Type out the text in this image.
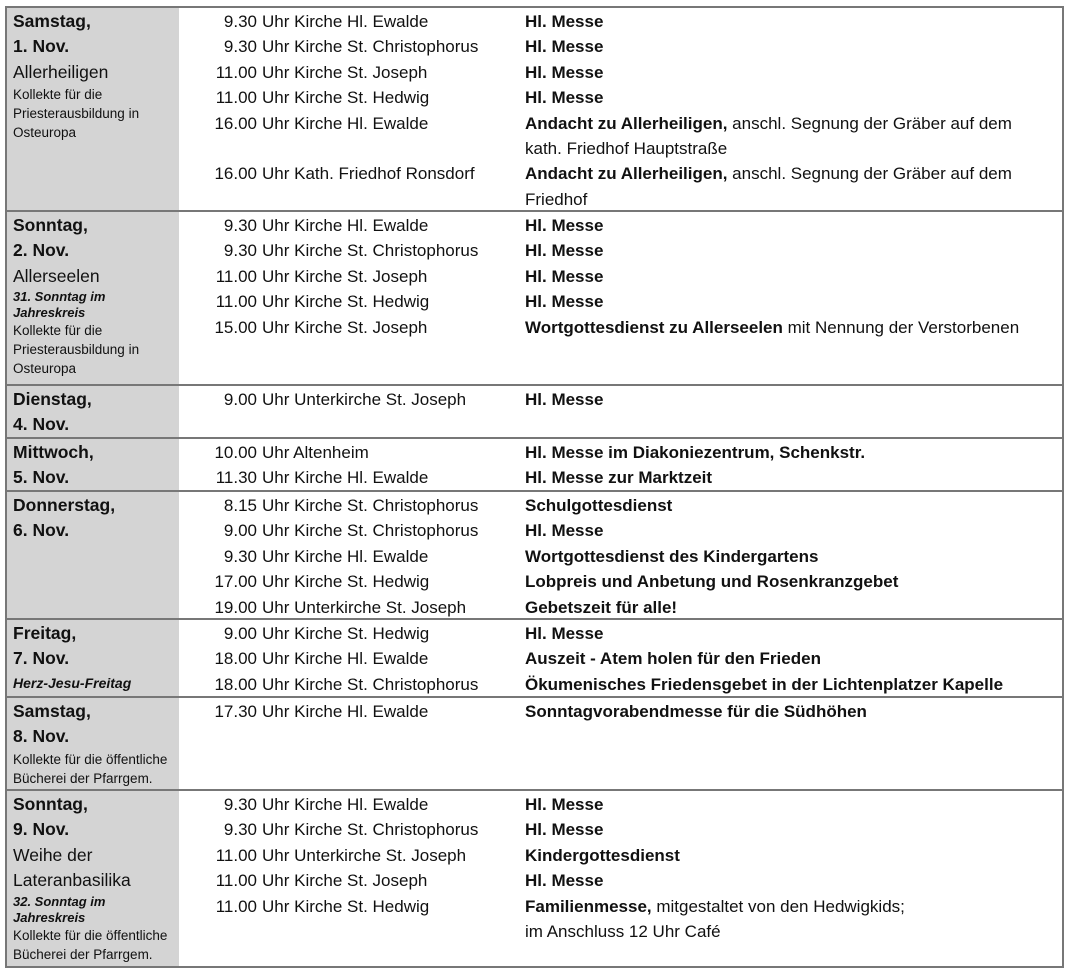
Samstag,
1. Nov.
Allerheiligen
Kollekte für die Priesterausbildung in Osteuropa
9.30 Uhr Kirche Hl. Ewalde	Hl. Messe
9.30 Uhr Kirche St. Christophorus	Hl. Messe
11.00 Uhr Kirche St. Joseph	Hl. Messe
11.00 Uhr Kirche St. Hedwig	Hl. Messe
16.00 Uhr Kirche Hl. Ewalde	Andacht zu Allerheiligen, anschl. Segnung der Gräber auf dem kath. Friedhof Hauptstraße
16.00 Uhr Kath. Friedhof Ronsdorf	Andacht zu Allerheiligen, anschl. Segnung der Gräber auf dem Friedhof
Sonntag,
2. Nov.
Allerseelen
31. Sonntag im Jahreskreis
Kollekte für die Priesterausbildung in Osteuropa
9.30 Uhr Kirche Hl. Ewalde	Hl. Messe
9.30 Uhr Kirche St. Christophorus	Hl. Messe
11.00 Uhr Kirche St. Joseph	Hl. Messe
11.00 Uhr Kirche St. Hedwig	Hl. Messe
15.00 Uhr Kirche St. Joseph	Wortgottesdienst zu Allerseelen mit Nennung der Verstorbenen
Dienstag,
4. Nov.
9.00 Uhr Unterkirche St. Joseph	Hl. Messe
Mittwoch,
5. Nov.
10.00 Uhr Altenheim	Hl. Messe im Diakoniezentrum, Schenkstr.
11.30 Uhr Kirche Hl. Ewalde	Hl. Messe zur Marktzeit
Donnerstag,
6. Nov.
8.15 Uhr Kirche St. Christophorus	Schulgottesdienst
9.00 Uhr Kirche St. Christophorus	Hl. Messe
9.30 Uhr Kirche Hl. Ewalde	Wortgottesdienst des Kindergartens
17.00 Uhr Kirche St. Hedwig	Lobpreis und Anbetung und Rosenkranzgebet
19.00 Uhr Unterkirche St. Joseph	Gebetszeit für alle!
Freitag,
7. Nov.
Herz-Jesu-Freitag
9.00 Uhr Kirche St. Hedwig	Hl. Messe
18.00 Uhr Kirche Hl. Ewalde	Auszeit - Atem holen für den Frieden
18.00 Uhr Kirche St. Christophorus	Ökumenisches Friedensgebet in der Lichtenplatzer Kapelle
Samstag,
8. Nov.
Kollekte für die öffentliche Bücherei der Pfarrgem.
17.30 Uhr Kirche Hl. Ewalde	Sonntagvorabendmesse für die Südhöhen
Sonntag,
9. Nov.
Weihe der Lateranbasilika
32. Sonntag im Jahreskreis
Kollekte für die öffentliche Bücherei der Pfarrgem.
9.30 Uhr Kirche Hl. Ewalde	Hl. Messe
9.30 Uhr Kirche St. Christophorus	Hl. Messe
11.00 Uhr Unterkirche St. Joseph	Kindergottesdienst
11.00 Uhr Kirche St. Joseph	Hl. Messe
11.00 Uhr Kirche St. Hedwig	Familienmesse, mitgestaltet von den Hedwigkids;
im Anschluss 12 Uhr Café
